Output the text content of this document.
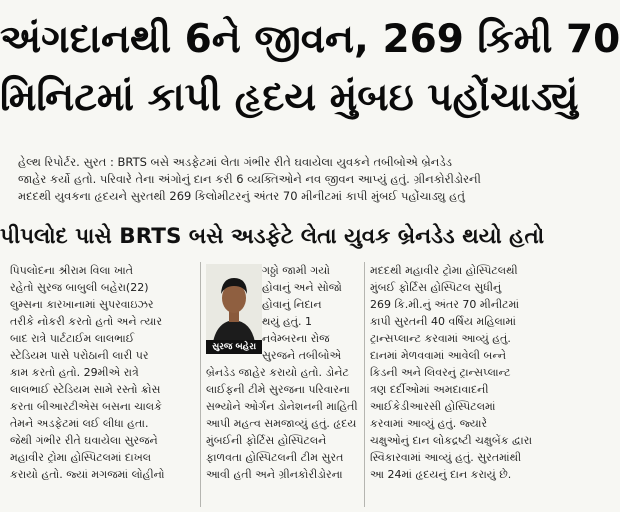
અંગદાનથી 6ને જીવન, 269 કિમી 70
મિનિટમાં કાપી હૃદય મુંબઇ પહોંચાડ્યું
હેલ્થ રિપોર્ટર. સુરત : BRTS બસે અડફેટમાં લેતા ગંભીર રીતે ઘવાયેલા યુવકને તબીબોએ બ્રેનડેડ
જાહેર કર્યો હતો. પરિવારે તેના અંગોનું દાન કરી 6 વ્યક્તિઓને નવ જીવન આપ્યું હતું. ગ્રીનકોરીડોરની
મદદથી યુવકના હૃદયને સુરતથી 269 કિલોમીટરનું અંતર 70 મીનીટમાં કાપી મુંબઈ પહોંચાડ્યુ હતું
પીપલોદ પાસે BRTS બસે અડફેટે લેતા યુવક બ્રેનડેડ થયો હતો
પિપલોદના શ્રીરામ વિલા ખાતે
રહેતો સુરજ બાબુલી બહેરા(22)
લુમ્સના કારખાનામાં સુપરવાઇઝર
તરીકે નોકરી કરતો હતો અને ત્યાર
બાદ રાત્રે પાર્ટટાઈમ લાલભાઈ
સ્ટેડિયમ પાસે પરોઠાની લારી પર
કામ કરતો હતો. 29મીએ રાત્રે
લાલભાઈ સ્ટેડિયમ સામે રસ્તો ક્રોસ
કરતા બીઆરટીએસ બસના ચાલકે
તેમને અડફેટમાં લઈ લીધા હતા.
જેથી ગંભીર રીતે ઘવાયેલા સુરજને
મહાવીર ટ્રોમા હોસ્પિટલમાં દાખલ
કરાયો હતો. જ્યાં મગજમાં લોહીનો
સુરજ બહેરા
ગઠ્ઠો જામી ગયો
હોવાનું અને સોજો
હોવાનું નિદાન
થયું હતું. 1
નવેમ્બરના રોજ
સુરજને તબીબોએ
બ્રેનડેડ જાહેર કરાયો હતો. ડોનેટ
લાઈફની ટીમે સુરજના પરિવારના
સભ્યોને ઓર્ગન ડોનેશનની માહિતી
આપી મહત્વ સમજાવ્યું હતું. હૃદય
મુંબઈની ફોર્ટિસ હોસ્પિટલને
ફાળવતા હોસ્પિટલની ટીમ સુરત
આવી હતી અને ગ્રીનકોરીડોરના
મદદથી મહાવીર ટ્રોમા હોસ્પિટલથી
મુંબઈ ફોર્ટિસ હોસ્પિટલ સુધીનું
269 કિ.મી.નું અંતર 70 મીનીટમાં
કાપી સુરતની 40 વર્ષિય મહિલામાં
ટ્રાન્સપ્લાન્ટ કરવામાં આવ્યું હતું.
દાનમાં મેળવવામાં આવેલી બન્ને
કિડની અને લિવરનું ટ્રાન્સપ્લાન્ટ
ત્રણ દર્દીઓમાં અમદાવાદની
આઈકેડીઆરસી હોસ્પિટલમાં
કરવામાં આવ્યું હતું. જ્યારે
ચક્ષુઓનું દાન લોકદ્રષ્ટી ચક્ષુબેંક દ્વારા
સ્વિકારવામાં આવ્યું હતું. સુરતમાંથી
આ 24માં હૃદયનું દાન કરાયું છે.
